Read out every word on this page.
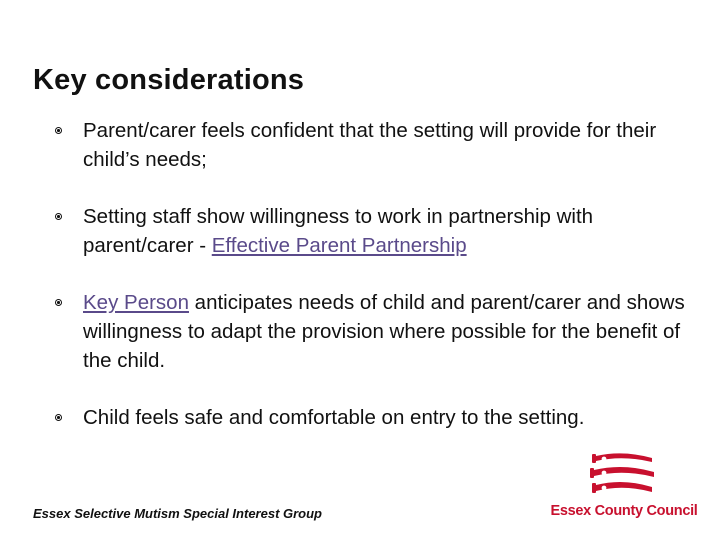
Key considerations
Parent/carer feels confident that the setting will provide for their child’s needs;
Setting staff show willingness to work in partnership with parent/carer - Effective Parent Partnership
Key Person anticipates needs of child and parent/carer and shows willingness to adapt the provision where possible for the benefit of the child.
Child feels safe and comfortable on entry to the setting.
Essex Selective Mutism Special Interest Group	Essex County Council
